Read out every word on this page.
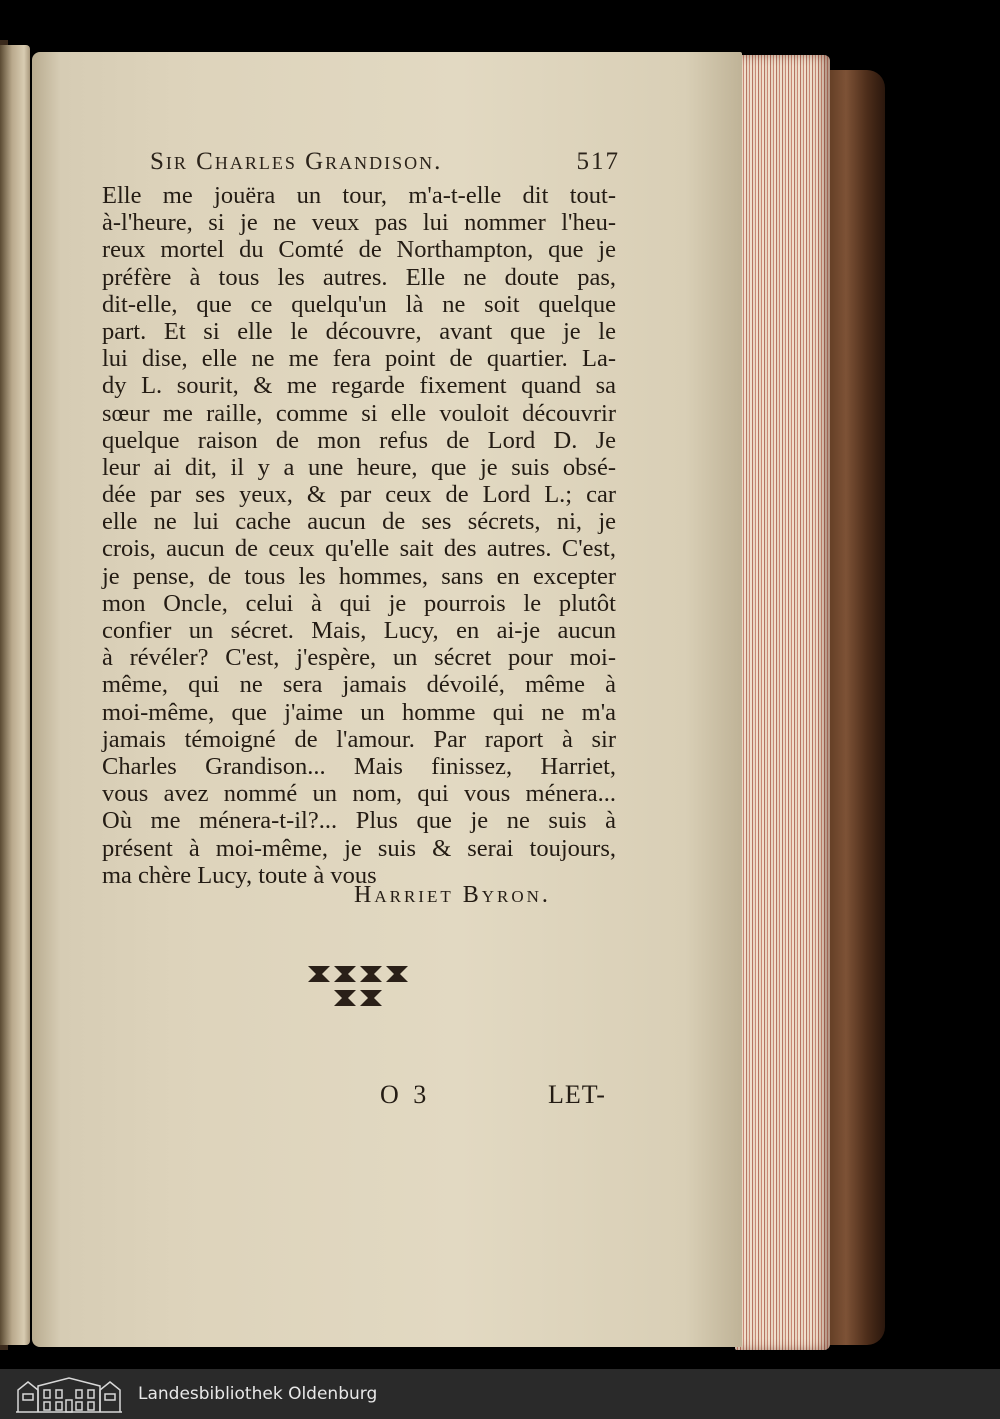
Sir Charles Grandison.	517
Elle me jouëra un tour, m'a-t-elle dit tout-
à-l'heure, si je ne veux pas lui nommer l'heu-
reux mortel du Comté de Northampton, que je
préfère à tous les autres. Elle ne doute pas,
dit-elle, que ce quelqu'un là ne soit quelque
part. Et si elle le découvre, avant que je le
lui dise, elle ne me fera point de quartier. La-
dy L. sourit, & me regarde fixement quand sa
sœur me raille, comme si elle vouloit découvrir
quelque raison de mon refus de Lord D. Je
leur ai dit, il y a une heure, que je suis obsé-
dée par ses yeux, & par ceux de Lord L.; car
elle ne lui cache aucun de ses sécrets, ni, je
crois, aucun de ceux qu'elle sait des autres. C'est,
je pense, de tous les hommes, sans en excepter
mon Oncle, celui à qui je pourrois le plutôt
confier un sécret. Mais, Lucy, en ai-je aucun
à révéler? C'est, j'espère, un sécret pour moi-
même, qui ne sera jamais dévoilé, même à
moi-même, que j'aime un homme qui ne m'a
jamais témoigné de l'amour. Par raport à sir
Charles Grandison... Mais finissez, Harriet,
vous avez nommé un nom, qui vous ménera...
Où me ménera-t-il?... Plus que je ne suis à
présent à moi-même, je suis & serai toujours,
ma chère Lucy, toute à vous
Harriet Byron.
O 3	LET-
Landesbibliothek Oldenburg
